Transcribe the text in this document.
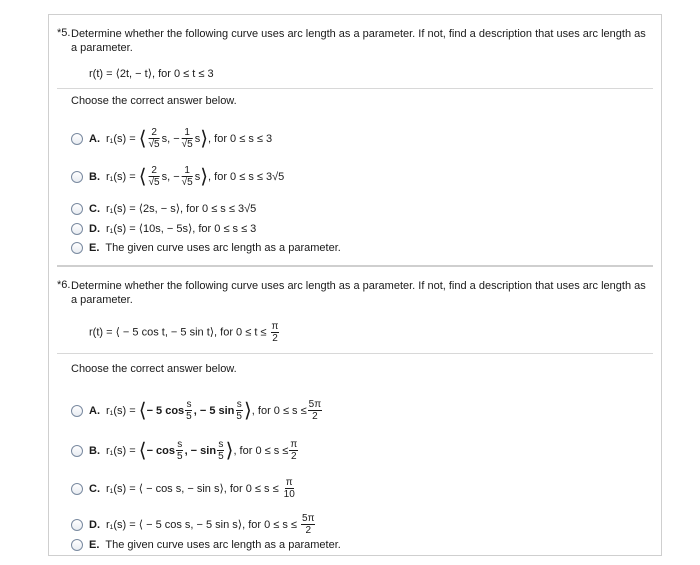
*5. Determine whether the following curve uses arc length as a parameter. If not, find a description that uses arc length as a parameter.
r(t) = ⟨2t, − t⟩, for 0 ≤ t ≤ 3
Choose the correct answer below.
A. r₁(s) =
⟨ $\frac{2}{√5} s$, − $\frac{1}{√5}$ s ⟩ , for 0 ≤ s ≤ 3
B. r₁(s) =
⟨ $\frac{2}{√5} s$, − $\frac{1}{√5}$ s ⟩ , for 0 ≤ s ≤ 3√5
C. r₁(s) = ⟨2s, − s⟩, for 0 ≤ s ≤ 3√5
D. r₁(s) = ⟨10s, − 5s⟩, for 0 ≤ s ≤ 3
E. The given curve uses arc length as a parameter.
*6. Determine whether the following curve uses arc length as a parameter. If not, find a description that uses arc length as a parameter.
r(t) = ⟨ − 5 cos t, − 5 sin t⟩, for $0 \le t \le \frac{\pi}{2}$
Choose the correct answer below.
A. r₁(s) =
⟨ − 5 $\cos \frac{s}{5}$ , − 5 $\sin \frac{s}{5}$ ⟩ , for $0 \le s \le \frac{5\pi}{2}$
B. r₁(s) =
⟨ − $\cos \frac{s}{5}$ , − $\sin \frac{s}{5}$ ⟩ , for $0 \le s \le \frac{\pi}{2}$
C. r₁(s) = ⟨ − cos s, − sin s⟩, for 0 ≤ s ≤
$\frac{\pi}{10}$
D. r₁(s) = ⟨ − 5 cos s, − 5 sin s⟩, for 0 ≤ s ≤
$\frac{5\pi}{2}$
E. The given curve uses arc length as a parameter.
